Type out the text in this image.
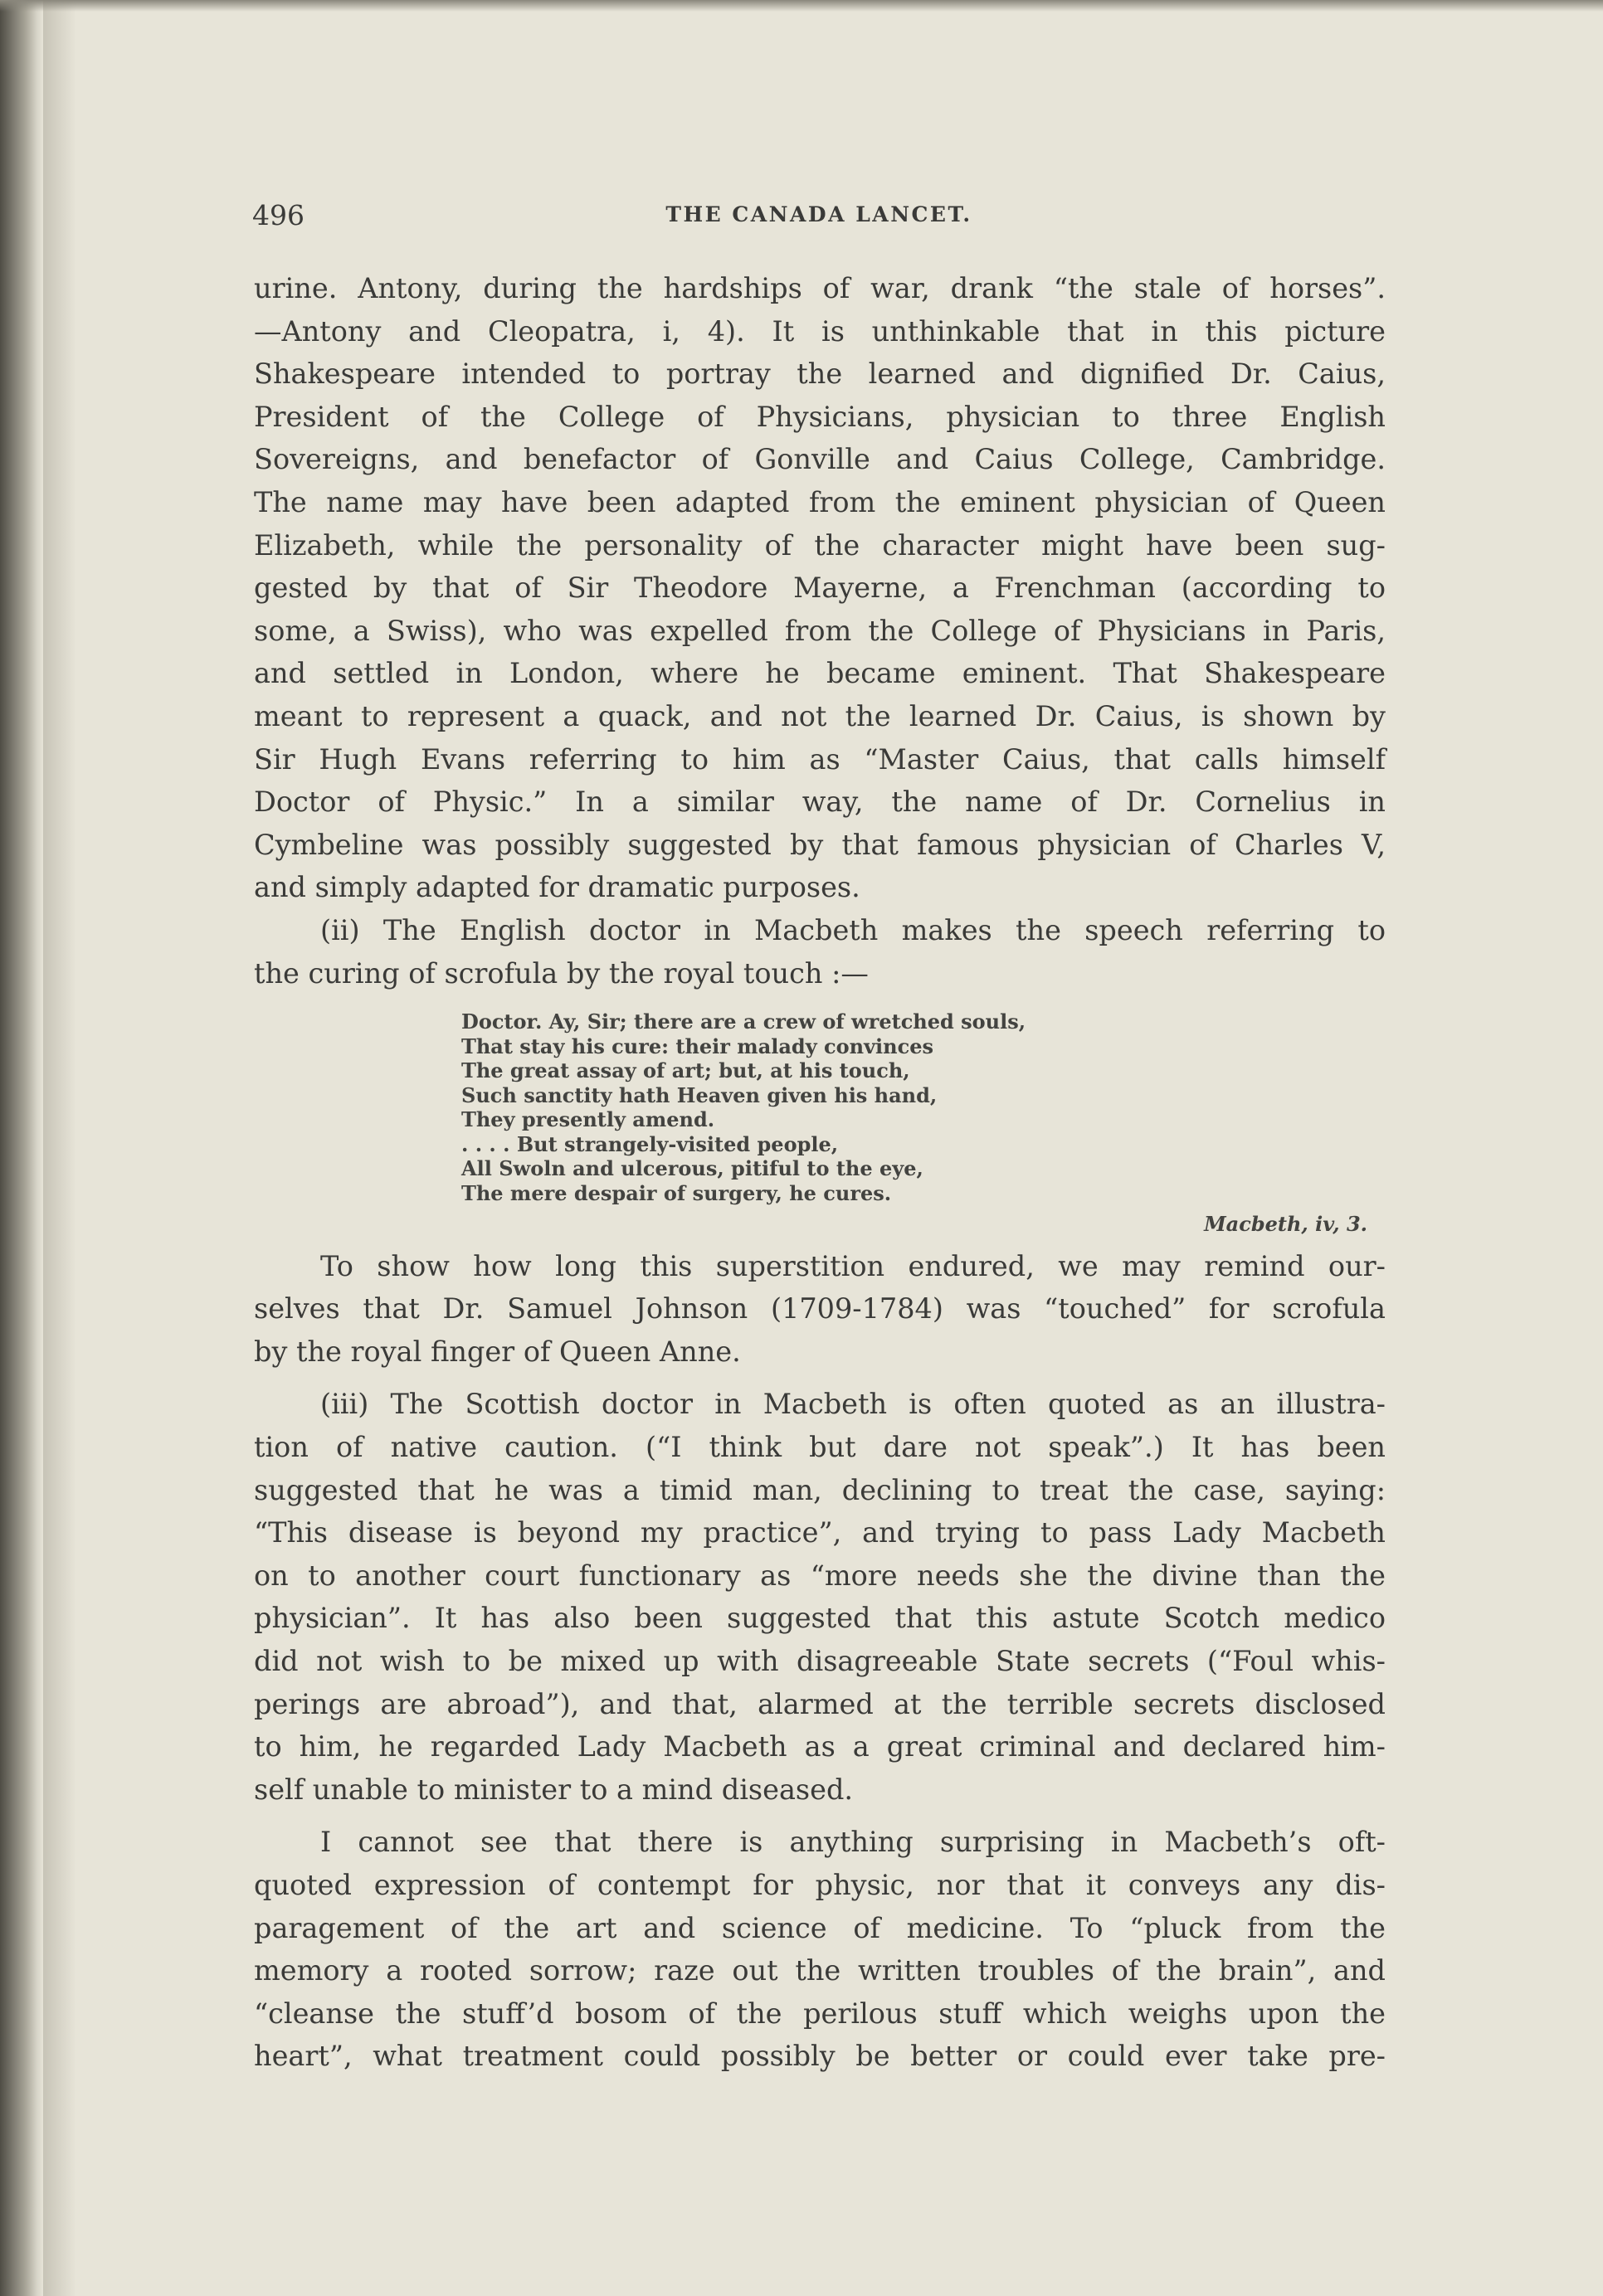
496	THE CANADA LANCET.
urine. Antony, during the hardships of war, drank “the stale of horses”.
—Antony and Cleopatra, i, 4). It is unthinkable that in this picture
Shakespeare intended to portray the learned and dignified Dr. Caius,
President of the College of Physicians, physician to three English
Sovereigns, and benefactor of Gonville and Caius College, Cambridge.
The name may have been adapted from the eminent physician of Queen
Elizabeth, while the personality of the character might have been sug-
gested by that of Sir Theodore Mayerne, a Frenchman (according to
some, a Swiss), who was expelled from the College of Physicians in Paris,
and settled in London, where he became eminent. That Shakespeare
meant to represent a quack, and not the learned Dr. Caius, is shown by
Sir Hugh Evans referring to him as “Master Caius, that calls himself
Doctor of Physic.” In a similar way, the name of Dr. Cornelius in
Cymbeline was possibly suggested by that famous physician of Charles V,
and simply adapted for dramatic purposes.
(ii) The English doctor in Macbeth makes the speech referring to
the curing of scrofula by the royal touch :—
Doctor. Ay, Sir; there are a crew of wretched souls,
That stay his cure: their malady convinces
The great assay of art; but, at his touch,
Such sanctity hath Heaven given his hand,
They presently amend.
. . . . But strangely-visited people,
All Swoln and ulcerous, pitiful to the eye,
The mere despair of surgery, he cures.
Macbeth, iv, 3.
To show how long this superstition endured, we may remind our-
selves that Dr. Samuel Johnson (1709-1784) was “touched” for scrofula
by the royal finger of Queen Anne.
(iii) The Scottish doctor in Macbeth is often quoted as an illustra-
tion of native caution. (“I think but dare not speak”.) It has been
suggested that he was a timid man, declining to treat the case, saying:
“This disease is beyond my practice”, and trying to pass Lady Macbeth
on to another court functionary as “more needs she the divine than the
physician”. It has also been suggested that this astute Scotch medico
did not wish to be mixed up with disagreeable State secrets (“Foul whis-
perings are abroad”), and that, alarmed at the terrible secrets disclosed
to him, he regarded Lady Macbeth as a great criminal and declared him-
self unable to minister to a mind diseased.
I cannot see that there is anything surprising in Macbeth’s oft-
quoted expression of contempt for physic, nor that it conveys any dis-
paragement of the art and science of medicine. To “pluck from the
memory a rooted sorrow; raze out the written troubles of the brain”, and
“cleanse the stuff’d bosom of the perilous stuff which weighs upon the
heart”, what treatment could possibly be better or could ever take pre-
